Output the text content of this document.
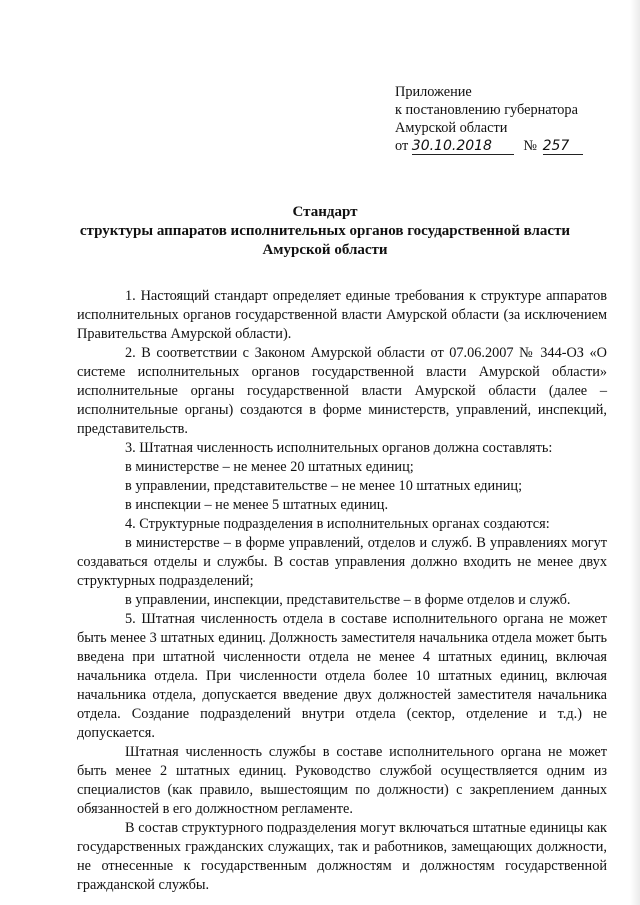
Приложение
к постановлению губернатора
Амурской области
от 30.10.2018 № 257
Стандарт
структуры аппаратов исполнительных органов государственной власти
Амурской области

1. Настоящий стандарт определяет единые требования к структуре аппаратов исполнительных органов государственной власти Амурской области (за исключением Правительства Амурской области).

2. В соответствии с Законом Амурской области от 07.06.2007 № 344-ОЗ «О системе исполнительных органов государственной власти Амурской области» исполнительные органы государственной власти Амурской области (далее – исполнительные органы) создаются в форме министерств, управлений, инспекций, представительств.

3. Штатная численность исполнительных органов должна составлять:

в министерстве – не менее 20 штатных единиц;

в управлении, представительстве – не менее 10 штатных единиц;

в инспекции – не менее 5 штатных единиц.

4. Структурные подразделения в исполнительных органах создаются:

в министерстве – в форме управлений, отделов и служб. В управлениях могут создаваться отделы и службы. В состав управления должно входить не менее двух структурных подразделений;

в управлении, инспекции, представительстве – в форме отделов и служб.

5. Штатная численность отдела в составе исполнительного органа не может быть менее 3 штатных единиц. Должность заместителя начальника отдела может быть введена при штатной численности отдела не менее 4 штатных единиц, включая начальника отдела. При численности отдела более 10 штатных единиц, включая начальника отдела, допускается введение двух должностей заместителя начальника отдела. Создание подразделений внутри отдела (сектор, отделение и т.д.) не допускается.

Штатная численность службы в составе исполнительного органа не может быть менее 2 штатных единиц. Руководство службой осуществляется одним из специалистов (как правило, вышестоящим по должности) с закреплением данных обязанностей в его должностном регламенте.

В состав структурного подразделения могут включаться штатные единицы как государственных гражданских служащих, так и работников, замещающих должности, не отнесенные к государственным должностям и должностям государственной гражданской службы.
